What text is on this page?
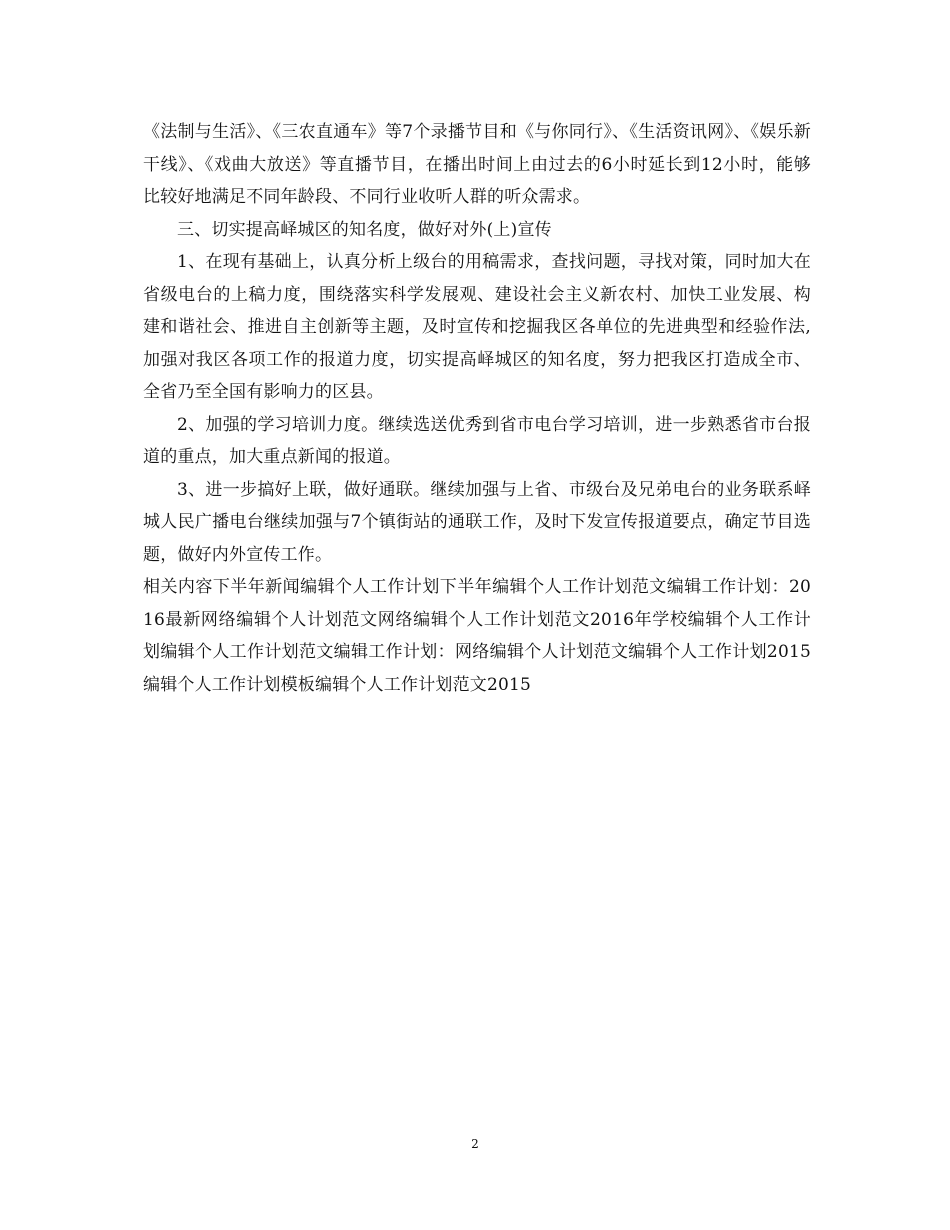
《法制与生活》、《三农直通车》等7个录播节目和《与你同行》、《生活资讯网》、《娱乐新干线》、《戏曲大放送》等直播节目，在播出时间上由过去的6小时延长到12小时，能够比较好地满足不同年龄段、不同行业收听人群的听众需求。

三、切实提高峄城区的知名度，做好对外(上)宣传

1、在现有基础上，认真分析上级台的用稿需求，查找问题，寻找对策，同时加大在省级电台的上稿力度，围绕落实科学发展观、建设社会主义新农村、加快工业发展、构建和谐社会、推进自主创新等主题，及时宣传和挖掘我区各单位的先进典型和经验作法,加强对我区各项工作的报道力度，切实提高峄城区的知名度，努力把我区打造成全市、全省乃至全国有影响力的区县。

2、加强的学习培训力度。继续选送优秀到省市电台学习培训，进一步熟悉省市台报道的重点，加大重点新闻的报道。

3、进一步搞好上联，做好通联。继续加强与上省、市级台及兄弟电台的业务联系峄城人民广播电台继续加强与7个镇街站的通联工作，及时下发宣传报道要点，确定节目选题，做好内外宣传工作。

相关内容下半年新闻编辑个人工作计划下半年编辑个人工作计划范文编辑工作计划：2016最新网络编辑个人计划范文网络编辑个人工作计划范文2016年学校编辑个人工作计划编辑个人工作计划范文编辑工作计划：网络编辑个人计划范文编辑个人工作计划2015编辑个人工作计划模板编辑个人工作计划范文2015

2
